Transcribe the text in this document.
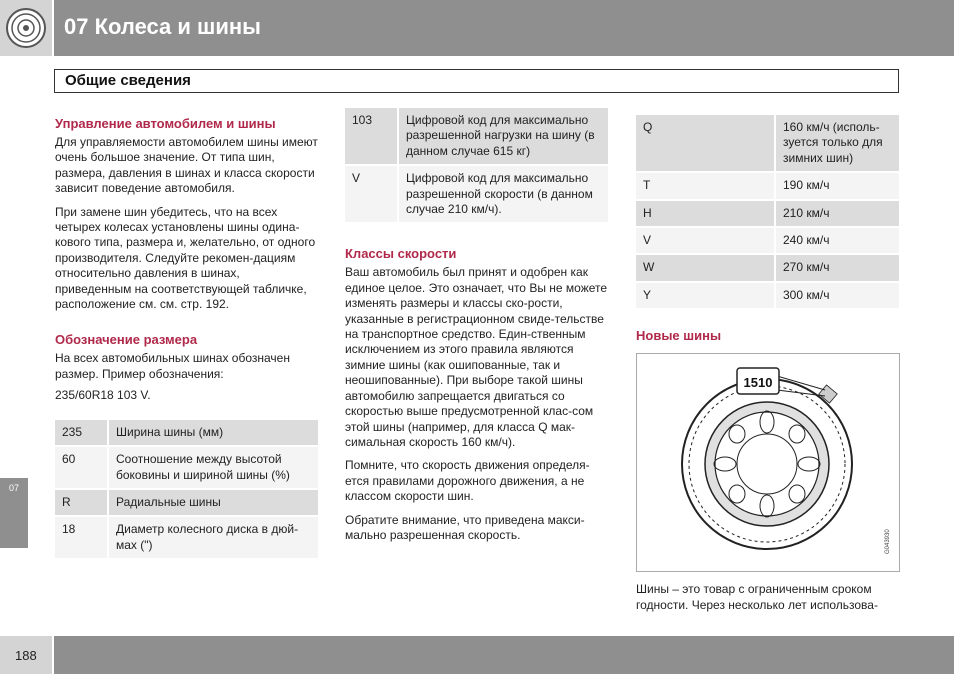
07 Колеса и шины
Общие сведения
Управление автомобилем и шины

Для управляемости автомобилем шины имеют очень большое значение. От типа шин, размера, давления в шинах и класса скорости зависит поведение автомобиля.

При замене шин убедитесь, что на всех четырех колесах установлены шины одина-кового типа, размера и, желательно, от одного производителя. Следуйте рекомен-дациям относительно давления в шинах, приведенным на соответствующей табличке, расположение см. см. стр. 192.

Обозначение размера

На всех автомобильных шинах обозначен размер. Пример обозначения:

235/60R18 103 V.

235	Ширина шины (мм)
60	Соотношение между высотой боковины и шириной шины (%)
R	Радиальные шины
18	Диаметр колесного диска в дюй-мах (")
103	Цифровой код для максимально разрешенной нагрузки на шину (в данном случае 615 кг)
V	Цифровой код для максимально разрешенной скорости (в данном случае 210 км/ч).
Классы скорости

Ваш автомобиль был принят и одобрен как единое целое. Это означает, что Вы не можете изменять размеры и классы ско-рости, указанные в регистрационном свиде-тельстве на транспортное средство. Един-ственным исключением из этого правила являются зимние шины (как ошипованные, так и неошипованные). При выборе такой шины автомобилю запрещается двигаться со скоростью выше предусмотренной клас-сом этой шины (например, для класса Q мак-симальная скорость 160 км/ч).

Помните, что скорость движения определя-ется правилами дорожного движения, а не классом скорости шин.

Обратите внимание, что приведена макси-мально разрешенная скорость.

Q	160 км/ч (исполь-зуется только для зимних шин)
T	190 км/ч
H	210 км/ч
V	240 км/ч
W	270 км/ч
Y	300 км/ч
Новые шины
1510
G043930

Шины – это товар с ограниченным сроком годности. Через несколько лет использова-

07
188
